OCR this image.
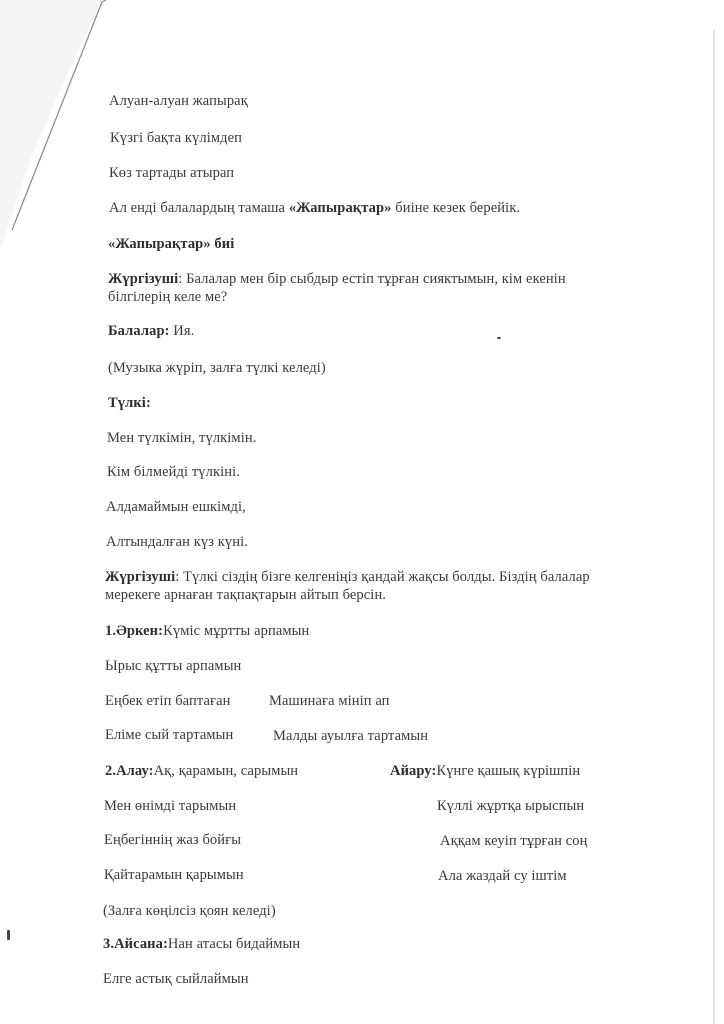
Алуан-алуан жапырақ
Күзгі бақта күлімдеп
Көз тартады атырап
Ал енді балалардың тамаша «Жапырақтар» биіне кезек берейік.
«Жапырақтар» биі
Жүргізуші: Балалар мен бір сыбдыр естіп тұрған сияктымын, кім екенін білгілерің келе ме?
Балалар: Ия.
(Музыка жүріп, залға түлкі келеді)
Түлкі:
Мен түлкімін, түлкімін.
Кім білмейді түлкіні.
Алдамаймын ешкімді,
Алтындалған күз күні.
Жүргізуші: Түлкі сіздің бізге келгеніңіз қандай жақсы болды. Біздің балалар мерекеге арнаған тақпақтарын айтып берсін.
1.Әркен:Күміс мұртты арпамын
Ырыс құтты арпамын
Еңбек етіп баптаған	Машинаға мініп ап
Еліме сый тартамын	Малды ауылға тартамын
2.Алау:Ақ, қарамын, сарымын	Айару:Күнге қашық күрішпін
Мен өнімді тарымын	Күллі жұртқа ырыспын
Еңбегіннің жаз бойғы	Аққам кеуіп тұрған соң
Қайтарамын қарымын	Ала жаздай су іштім
(Залға көңілсіз қоян келеді)
3.Айсана:Нан атасы бидаймын
Елге астық сыйлаймын
